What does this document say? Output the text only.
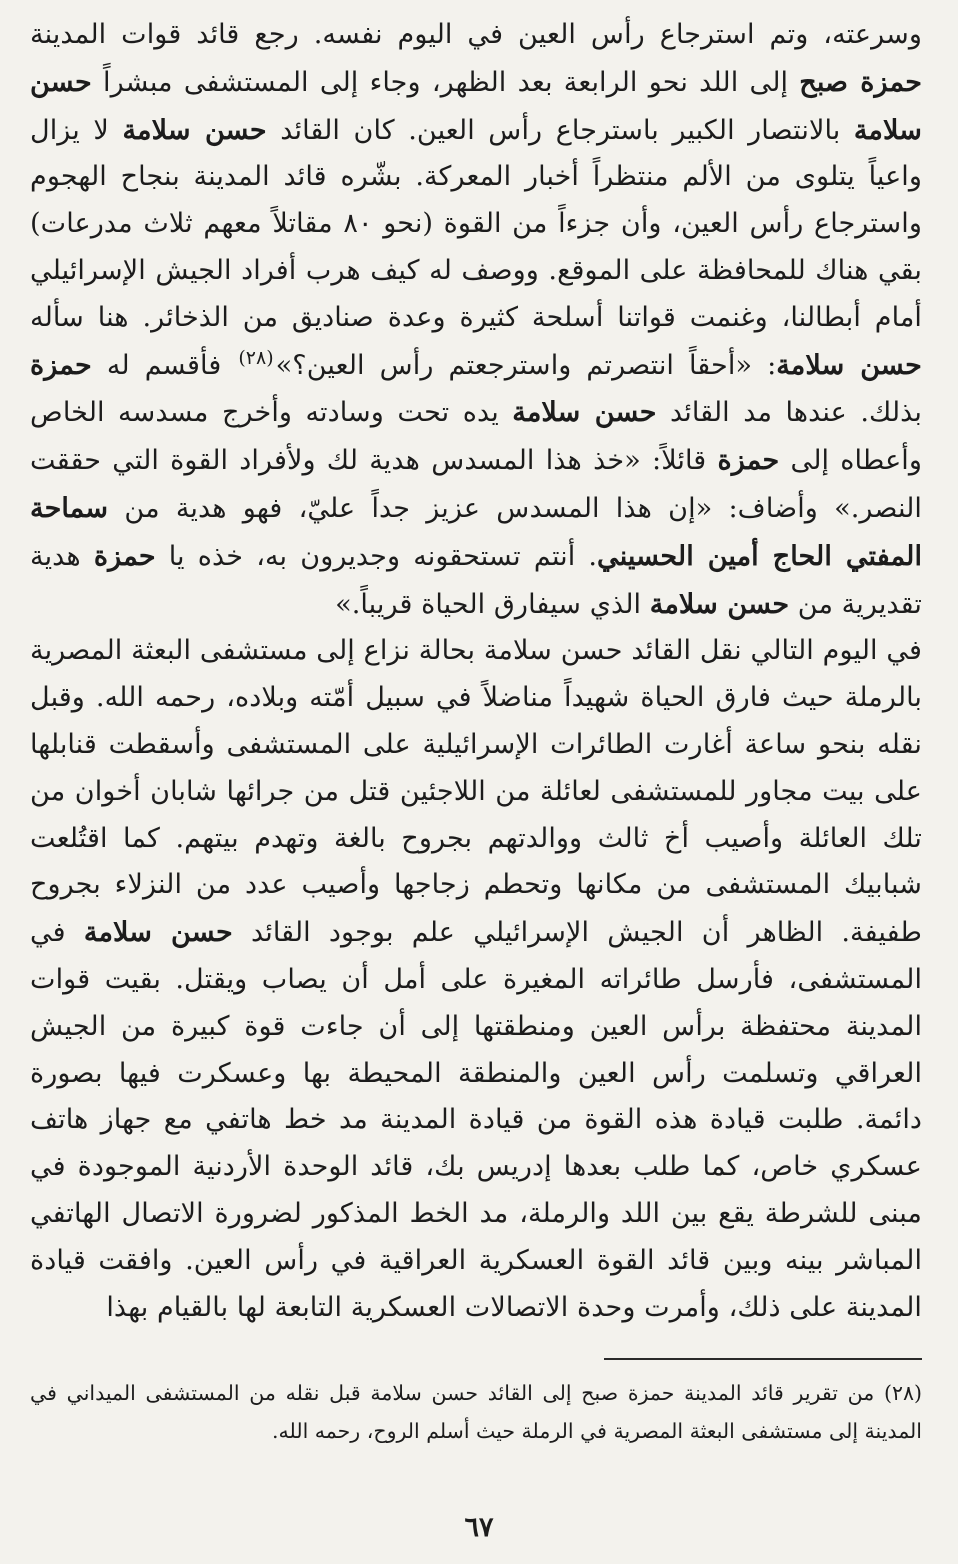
وسرعته، وتم استرجاع رأس العين في اليوم نفسه. رجع قائد قوات المدينة حمزة صبح إلى اللد نحو الرابعة بعد الظهر، وجاء إلى المستشفى مبشراً حسن سلامة بالانتصار الكبير باسترجاع رأس العين. كان القائد حسن سلامة لا يزال واعياً يتلوى من الألم منتظراً أخبار المعركة. بشّره قائد المدينة بنجاح الهجوم واسترجاع رأس العين، وأن جزءاً من القوة (نحو ٨٠ مقاتلاً معهم ثلاث مدرعات) بقي هناك للمحافظة على الموقع. ووصف له كيف هرب أفراد الجيش الإسرائيلي أمام أبطالنا، وغنمت قواتنا أسلحة كثيرة وعدة صناديق من الذخائر. هنا سأله حسن سلامة: «أحقاً انتصرتم واسترجعتم رأس العين؟»$^{(٢٨)}$ فأقسم له حمزة بذلك. عندها مد القائد حسن سلامة يده تحت وسادته وأخرج مسدسه الخاص وأعطاه إلى حمزة قائلاً: «خذ هذا المسدس هدية لك ولأفراد القوة التي حققت النصر.» وأضاف: «إن هذا المسدس عزيز جداً عليّ، فهو هدية من سماحة المفتي الحاج أمين الحسيني. أنتم تستحقونه وجديرون به، خذه يا حمزة هدية تقديرية من حسن سلامة الذي سيفارق الحياة قريباً.»

في اليوم التالي نقل القائد حسن سلامة بحالة نزاع إلى مستشفى البعثة المصرية بالرملة حيث فارق الحياة شهيداً مناضلاً في سبيل أمّته وبلاده، رحمه الله. وقبل نقله بنحو ساعة أغارت الطائرات الإسرائيلية على المستشفى وأسقطت قنابلها على بيت مجاور للمستشفى لعائلة من اللاجئين قتل من جرائها شابان أخوان من تلك العائلة وأصيب أخ ثالث ووالدتهم بجروح بالغة وتهدم بيتهم. كما اقتُلعت شبابيك المستشفى من مكانها وتحطم زجاجها وأصيب عدد من النزلاء بجروح طفيفة. الظاهر أن الجيش الإسرائيلي علم بوجود القائد حسن سلامة في المستشفى، فأرسل طائراته المغيرة على أمل أن يصاب ويقتل. بقيت قوات المدينة محتفظة برأس العين ومنطقتها إلى أن جاءت قوة كبيرة من الجيش العراقي وتسلمت رأس العين والمنطقة المحيطة بها وعسكرت فيها بصورة دائمة. طلبت قيادة هذه القوة من قيادة المدينة مد خط هاتفي مع جهاز هاتف عسكري خاص، كما طلب بعدها إدريس بك، قائد الوحدة الأردنية الموجودة في مبنى للشرطة يقع بين اللد والرملة، مد الخط المذكور لضرورة الاتصال الهاتفي المباشر بينه وبين قائد القوة العسكرية العراقية في رأس العين. وافقت قيادة المدينة على ذلك، وأمرت وحدة الاتصالات العسكرية التابعة لها بالقيام بهذا

(٢٨) من تقرير قائد المدينة حمزة صبح إلى القائد حسن سلامة قبل نقله من المستشفى الميداني في المدينة إلى مستشفى البعثة المصرية في الرملة حيث أسلم الروح، رحمه الله.

٦٧
